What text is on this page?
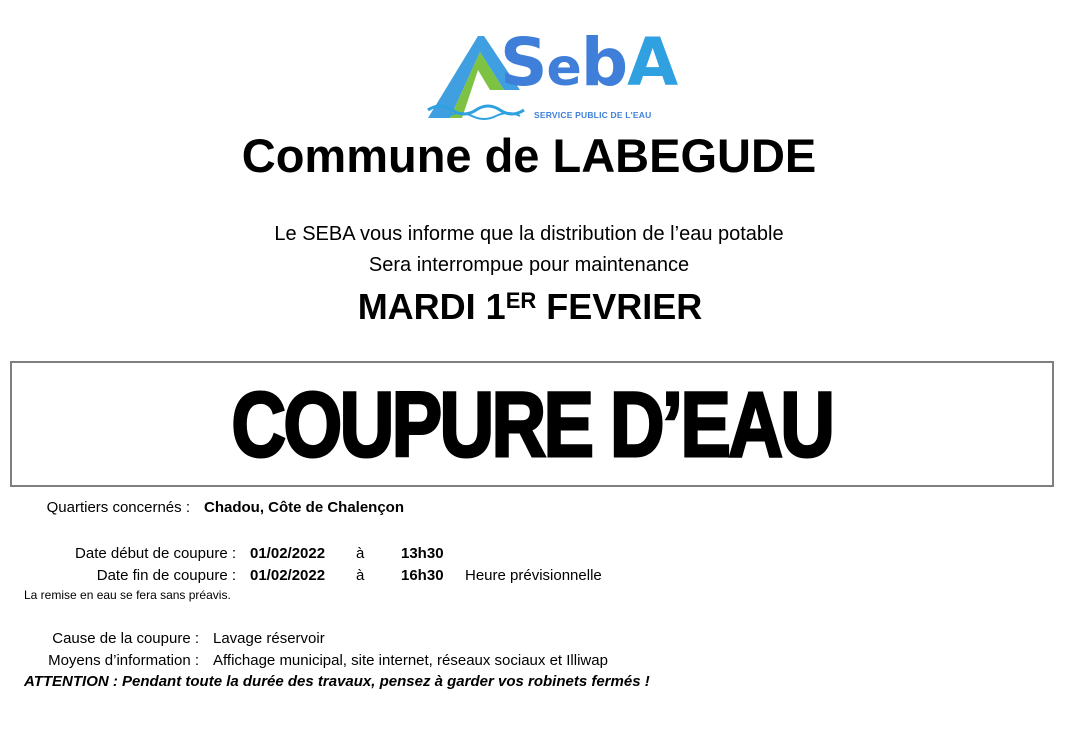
SebA
SERVICE PUBLIC DE L'EAU
Commune de LABEGUDE
Le SEBA vous informe que la distribution de l’eau potable
Sera interrompue pour maintenance
MARDI 1ER FEVRIER
COUPURE D’EAU
Quartiers concernés : Chadou, Côte de Chalençon
Date début de coupure : 01/02/2022 à 13h30
Date fin de coupure : 01/02/2022 à 16h30 Heure prévisionnelle
La remise en eau se fera sans préavis.
Cause de la coupure : Lavage réservoir
Moyens d’information : Affichage municipal, site internet, réseaux sociaux et Illiwap
ATTENTION : Pendant toute la durée des travaux, pensez à garder vos robinets fermés !
